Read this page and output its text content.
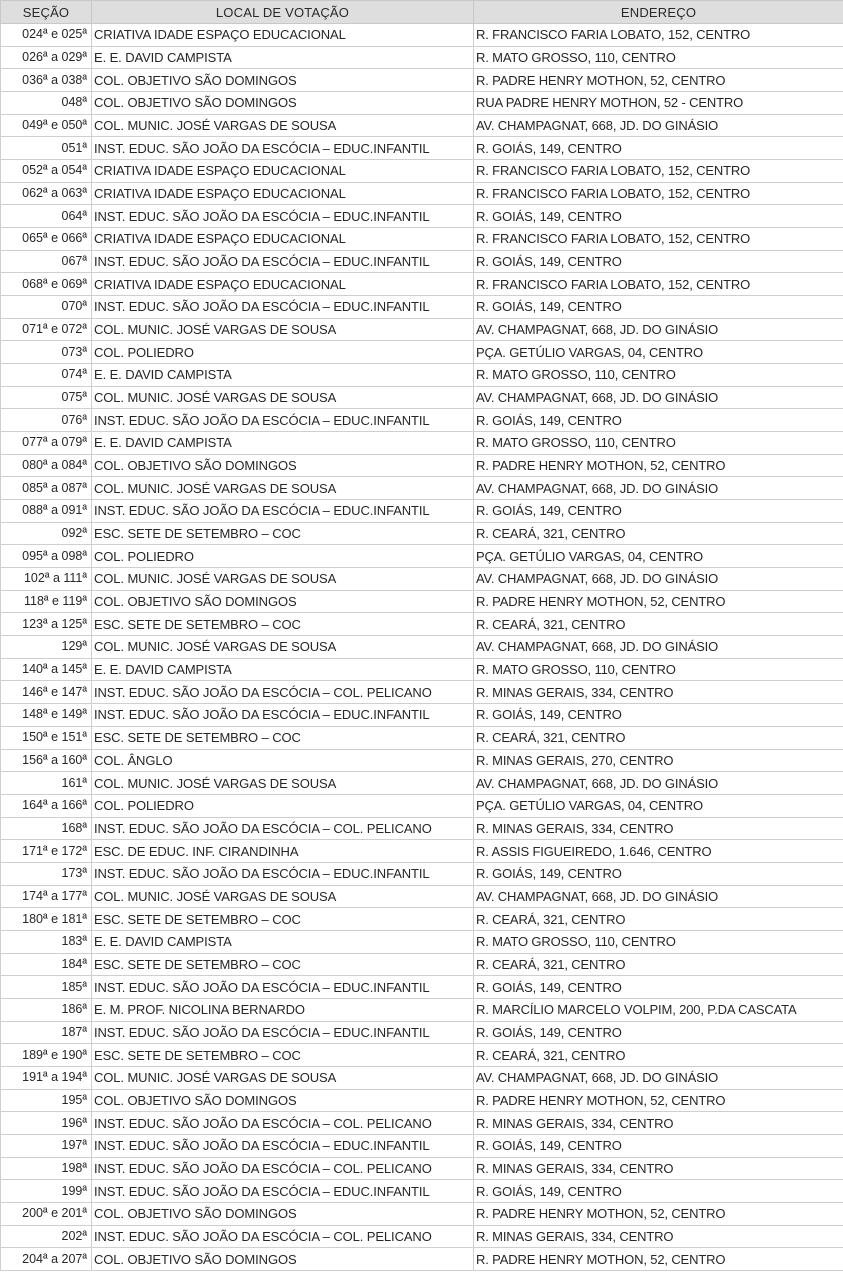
SEÇÃO	LOCAL DE VOTAÇÃO	ENDEREÇO
024ª e 025ª	CRIATIVA IDADE ESPAÇO EDUCACIONAL	R. FRANCISCO FARIA LOBATO, 152, CENTRO
026ª a 029ª	E. E. DAVID CAMPISTA	R. MATO GROSSO, 110, CENTRO
036ª a 038ª	COL. OBJETIVO SÃO DOMINGOS	R. PADRE HENRY MOTHON, 52, CENTRO
048ª	COL. OBJETIVO SÃO DOMINGOS	RUA PADRE HENRY MOTHON, 52 - CENTRO
049ª e 050ª	COL. MUNIC. JOSÉ VARGAS DE SOUSA	AV. CHAMPAGNAT, 668, JD. DO GINÁSIO
051ª	INST. EDUC. SÃO JOÃO DA ESCÓCIA – EDUC.INFANTIL	R. GOIÁS, 149, CENTRO
052ª a 054ª	CRIATIVA IDADE ESPAÇO EDUCACIONAL	R. FRANCISCO FARIA LOBATO, 152, CENTRO
062ª a 063ª	CRIATIVA IDADE ESPAÇO EDUCACIONAL	R. FRANCISCO FARIA LOBATO, 152, CENTRO
064ª	INST. EDUC. SÃO JOÃO DA ESCÓCIA – EDUC.INFANTIL	R. GOIÁS, 149, CENTRO
065ª e 066ª	CRIATIVA IDADE ESPAÇO EDUCACIONAL	R. FRANCISCO FARIA LOBATO, 152, CENTRO
067ª	INST. EDUC. SÃO JOÃO DA ESCÓCIA – EDUC.INFANTIL	R. GOIÁS, 149, CENTRO
068ª e 069ª	CRIATIVA IDADE ESPAÇO EDUCACIONAL	R. FRANCISCO FARIA LOBATO, 152, CENTRO
070ª	INST. EDUC. SÃO JOÃO DA ESCÓCIA – EDUC.INFANTIL	R. GOIÁS, 149, CENTRO
071ª e 072ª	COL. MUNIC. JOSÉ VARGAS DE SOUSA	AV. CHAMPAGNAT, 668, JD. DO GINÁSIO
073ª	COL. POLIEDRO	PÇA. GETÚLIO VARGAS, 04, CENTRO
074ª	E. E. DAVID CAMPISTA	R. MATO GROSSO, 110, CENTRO
075ª	COL. MUNIC. JOSÉ VARGAS DE SOUSA	AV. CHAMPAGNAT, 668, JD. DO GINÁSIO
076ª	INST. EDUC. SÃO JOÃO DA ESCÓCIA – EDUC.INFANTIL	R. GOIÁS, 149, CENTRO
077ª a 079ª	E. E. DAVID CAMPISTA	R. MATO GROSSO, 110, CENTRO
080ª a 084ª	COL. OBJETIVO SÃO DOMINGOS	R. PADRE HENRY MOTHON, 52, CENTRO
085ª a 087ª	COL. MUNIC. JOSÉ VARGAS DE SOUSA	AV. CHAMPAGNAT, 668, JD. DO GINÁSIO
088ª a 091ª	INST. EDUC. SÃO JOÃO DA ESCÓCIA – EDUC.INFANTIL	R. GOIÁS, 149, CENTRO
092ª	ESC. SETE DE SETEMBRO – COC	R. CEARÁ, 321, CENTRO
095ª a 098ª	COL. POLIEDRO	PÇA. GETÚLIO VARGAS, 04, CENTRO
102ª a 111ª	COL. MUNIC. JOSÉ VARGAS DE SOUSA	AV. CHAMPAGNAT, 668, JD. DO GINÁSIO
118ª e 119ª	COL. OBJETIVO SÃO DOMINGOS	R. PADRE HENRY MOTHON, 52, CENTRO
123ª a 125ª	ESC. SETE DE SETEMBRO – COC	R. CEARÁ, 321, CENTRO
129ª	COL. MUNIC. JOSÉ VARGAS DE SOUSA	AV. CHAMPAGNAT, 668, JD. DO GINÁSIO
140ª a 145ª	E. E. DAVID CAMPISTA	R. MATO GROSSO, 110, CENTRO
146ª e 147ª	INST. EDUC. SÃO JOÃO DA ESCÓCIA – COL. PELICANO	R. MINAS GERAIS, 334, CENTRO
148ª e 149ª	INST. EDUC. SÃO JOÃO DA ESCÓCIA – EDUC.INFANTIL	R. GOIÁS, 149, CENTRO
150ª e 151ª	ESC. SETE DE SETEMBRO – COC	R. CEARÁ, 321, CENTRO
156ª a 160ª	COL. ÂNGLO	R. MINAS GERAIS, 270, CENTRO
161ª	COL. MUNIC. JOSÉ VARGAS DE SOUSA	AV. CHAMPAGNAT, 668, JD. DO GINÁSIO
164ª a 166ª	COL. POLIEDRO	PÇA. GETÚLIO VARGAS, 04, CENTRO
168ª	INST. EDUC. SÃO JOÃO DA ESCÓCIA – COL. PELICANO	R. MINAS GERAIS, 334, CENTRO
171ª e 172ª	ESC. DE EDUC. INF. CIRANDINHA	R. ASSIS FIGUEIREDO, 1.646, CENTRO
173ª	INST. EDUC. SÃO JOÃO DA ESCÓCIA – EDUC.INFANTIL	R. GOIÁS, 149, CENTRO
174ª a 177ª	COL. MUNIC. JOSÉ VARGAS DE SOUSA	AV. CHAMPAGNAT, 668, JD. DO GINÁSIO
180ª e 181ª	ESC. SETE DE SETEMBRO – COC	R. CEARÁ, 321, CENTRO
183ª	E. E. DAVID CAMPISTA	R. MATO GROSSO, 110, CENTRO
184ª	ESC. SETE DE SETEMBRO – COC	R. CEARÁ, 321, CENTRO
185ª	INST. EDUC. SÃO JOÃO DA ESCÓCIA – EDUC.INFANTIL	R. GOIÁS, 149, CENTRO
186ª	E. M. PROF. NICOLINA BERNARDO	R. MARCÍLIO MARCELO VOLPIM, 200, P.DA CASCATA
187ª	INST. EDUC. SÃO JOÃO DA ESCÓCIA – EDUC.INFANTIL	R. GOIÁS, 149, CENTRO
189ª e 190ª	ESC. SETE DE SETEMBRO – COC	R. CEARÁ, 321, CENTRO
191ª a 194ª	COL. MUNIC. JOSÉ VARGAS DE SOUSA	AV. CHAMPAGNAT, 668, JD. DO GINÁSIO
195ª	COL. OBJETIVO SÃO DOMINGOS	R. PADRE HENRY MOTHON, 52, CENTRO
196ª	INST. EDUC. SÃO JOÃO DA ESCÓCIA – COL. PELICANO	R. MINAS GERAIS, 334, CENTRO
197ª	INST. EDUC. SÃO JOÃO DA ESCÓCIA – EDUC.INFANTIL	R. GOIÁS, 149, CENTRO
198ª	INST. EDUC. SÃO JOÃO DA ESCÓCIA – COL. PELICANO	R. MINAS GERAIS, 334, CENTRO
199ª	INST. EDUC. SÃO JOÃO DA ESCÓCIA – EDUC.INFANTIL	R. GOIÁS, 149, CENTRO
200ª e 201ª	COL. OBJETIVO SÃO DOMINGOS	R. PADRE HENRY MOTHON, 52, CENTRO
202ª	INST. EDUC. SÃO JOÃO DA ESCÓCIA – COL. PELICANO	R. MINAS GERAIS, 334, CENTRO
204ª a 207ª	COL. OBJETIVO SÃO DOMINGOS	R. PADRE HENRY MOTHON, 52, CENTRO
